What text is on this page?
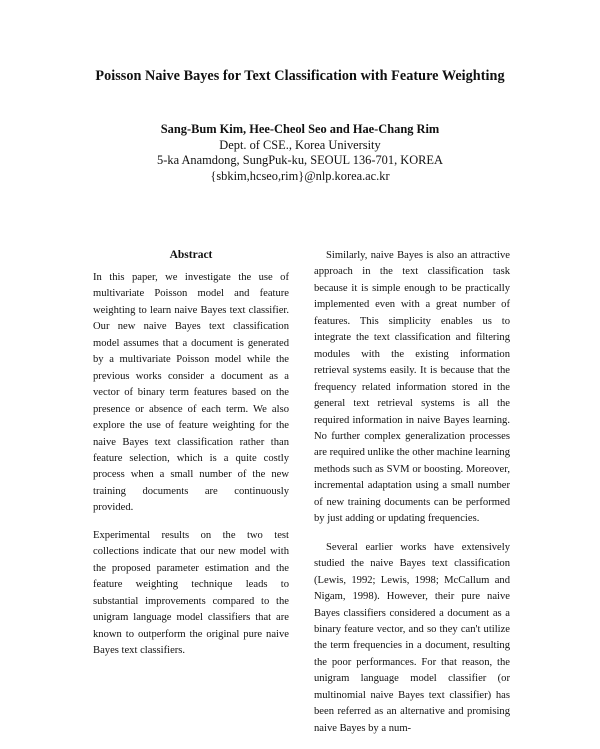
Poisson Naive Bayes for Text Classification with Feature Weighting
Sang-Bum Kim, Hee-Cheol Seo and Hae-Chang Rim
Dept. of CSE., Korea University
5-ka Anamdong, SungPuk-ku, SEOUL 136-701, KOREA
{sbkim,hcseo,rim}@nlp.korea.ac.kr
Abstract

In this paper, we investigate the use of multivariate Poisson model and feature weighting to learn naive Bayes text classifier. Our new naive Bayes text classification model assumes that a document is generated by a multivariate Poisson model while the previous works consider a document as a vector of binary term features based on the presence or absence of each term. We also explore the use of feature weighting for the naive Bayes text classification rather than feature selection, which is a quite costly process when a small number of the new training documents are continuously provided.

Experimental results on the two test collections indicate that our new model with the proposed parameter estimation and the feature weighting technique leads to substantial improvements compared to the unigram language model classifiers that are known to outperform the original pure naive Bayes text classifiers.

Similarly, naive Bayes is also an attractive approach in the text classification task because it is simple enough to be practically implemented even with a great number of features. This simplicity enables us to integrate the text classification and filtering modules with the existing information retrieval systems easily. It is because that the frequency related information stored in the general text retrieval systems is all the required information in naive Bayes learning. No further complex generalization processes are required unlike the other machine learning methods such as SVM or boosting. Moreover, incremental adaptation using a small number of new training documents can be performed by just adding or updating frequencies.

Several earlier works have extensively studied the naive Bayes text classification (Lewis, 1992; Lewis, 1998; McCallum and Nigam, 1998). However, their pure naive Bayes classifiers considered a document as a binary feature vector, and so they can't utilize the term frequencies in a document, resulting the poor performances. For that reason, the unigram language model classifier (or multinomial naive Bayes text classifier) has been referred as an alternative and promising naive Bayes by a num-
